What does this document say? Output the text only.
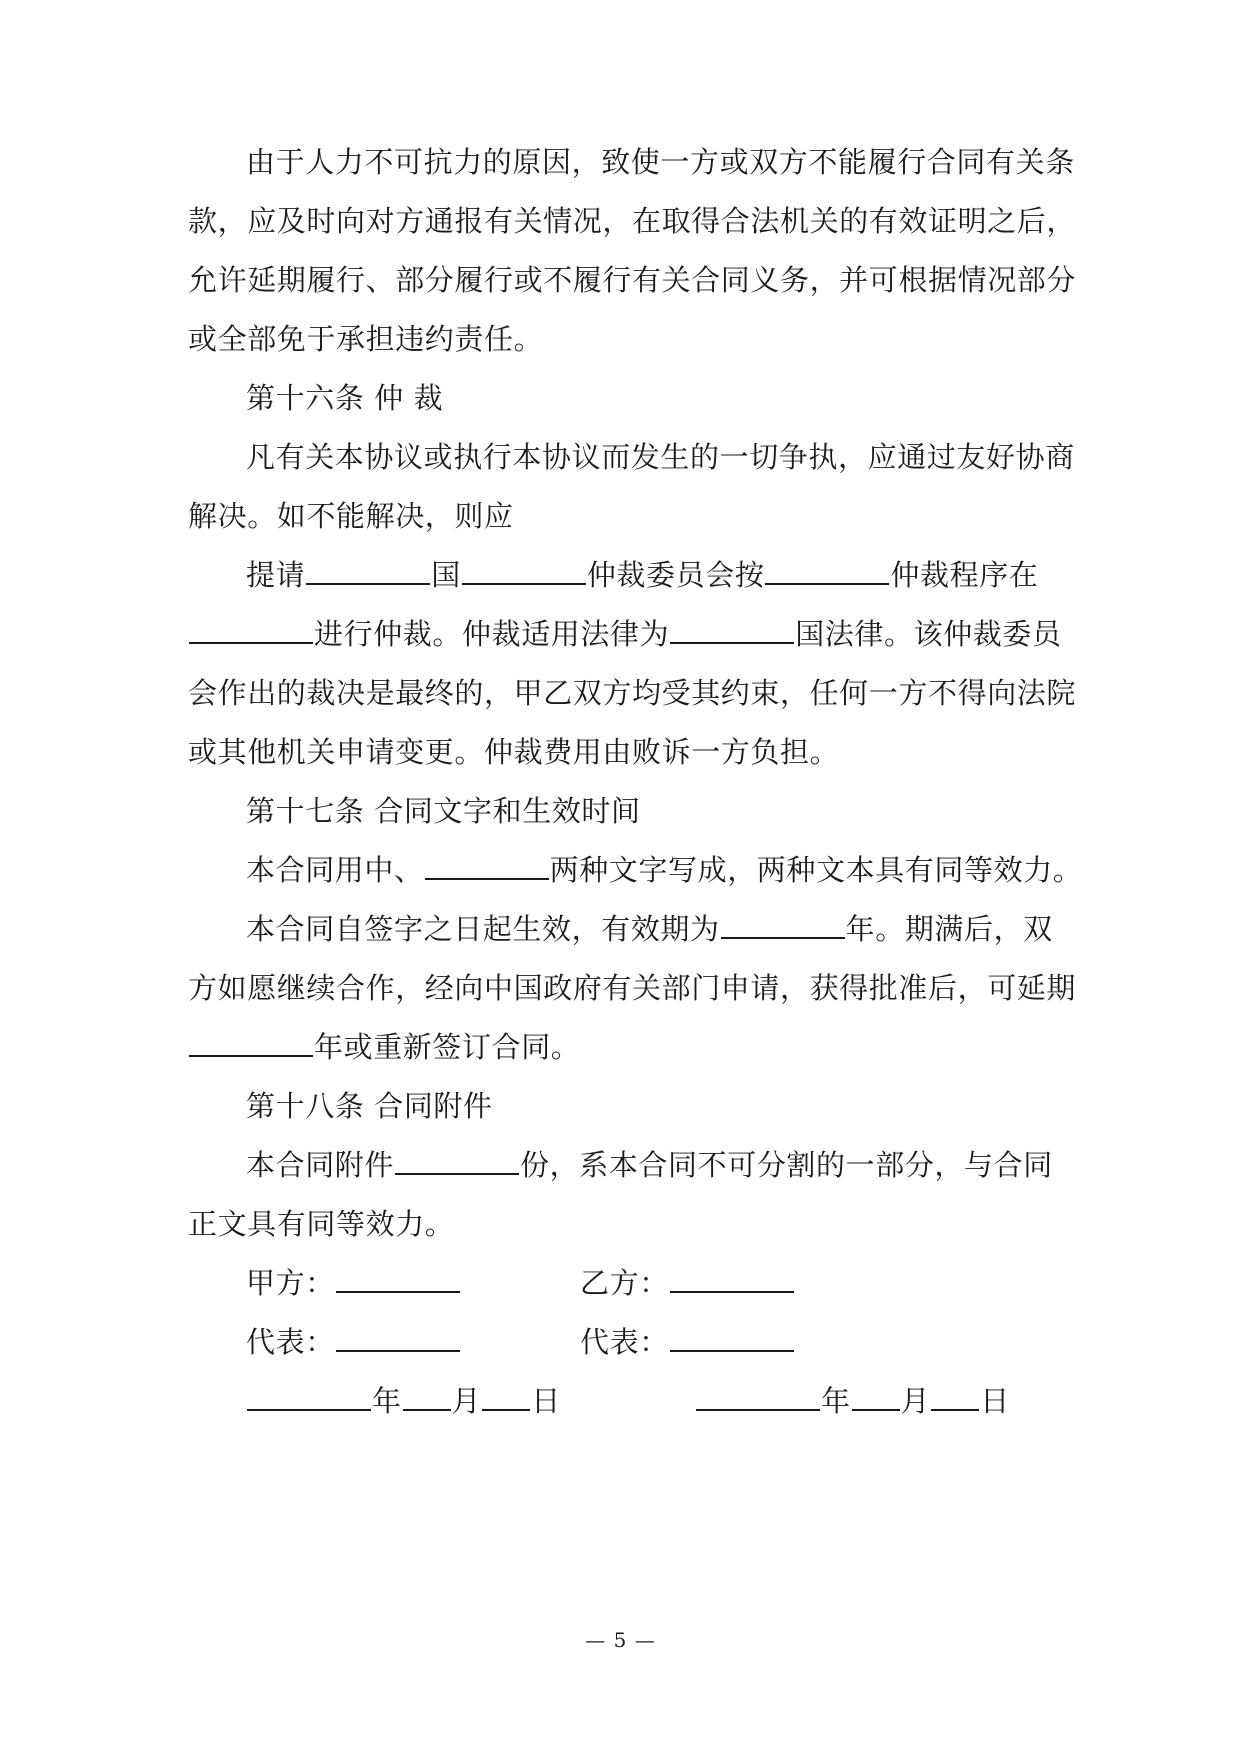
由于人力不可抗力的原因，致使一方或双方不能履行合同有关条
款，应及时向对方通报有关情况，在取得合法机关的有效证明之后，
允许延期履行、部分履行或不履行有关合同义务，并可根据情况部分
或全部免于承担违约责任。
第十六条 仲 裁
凡有关本协议或执行本协议而发生的一切争执，应通过友好协商
解决。如不能解决，则应
提请	国	仲裁委员会按	仲裁程序在
进行仲裁。仲裁适用法律为	国法律。该仲裁委员
会作出的裁决是最终的，甲乙双方均受其约束，任何一方不得向法院
或其他机关申请变更。仲裁费用由败诉一方负担。
第十七条 合同文字和生效时间
本合同用中、	两种文字写成，两种文本具有同等效力。
本合同自签字之日起生效，有效期为	年。期满后，双
方如愿继续合作，经向中国政府有关部门申请，获得批准后，可延期
年或重新签订合同。
第十八条 合同附件
本合同附件	份，系本合同不可分割的一部分，与合同
正文具有同等效力。
甲方：	乙方：
代表：	代表：
年 月 日	年 月 日
— 5 —
